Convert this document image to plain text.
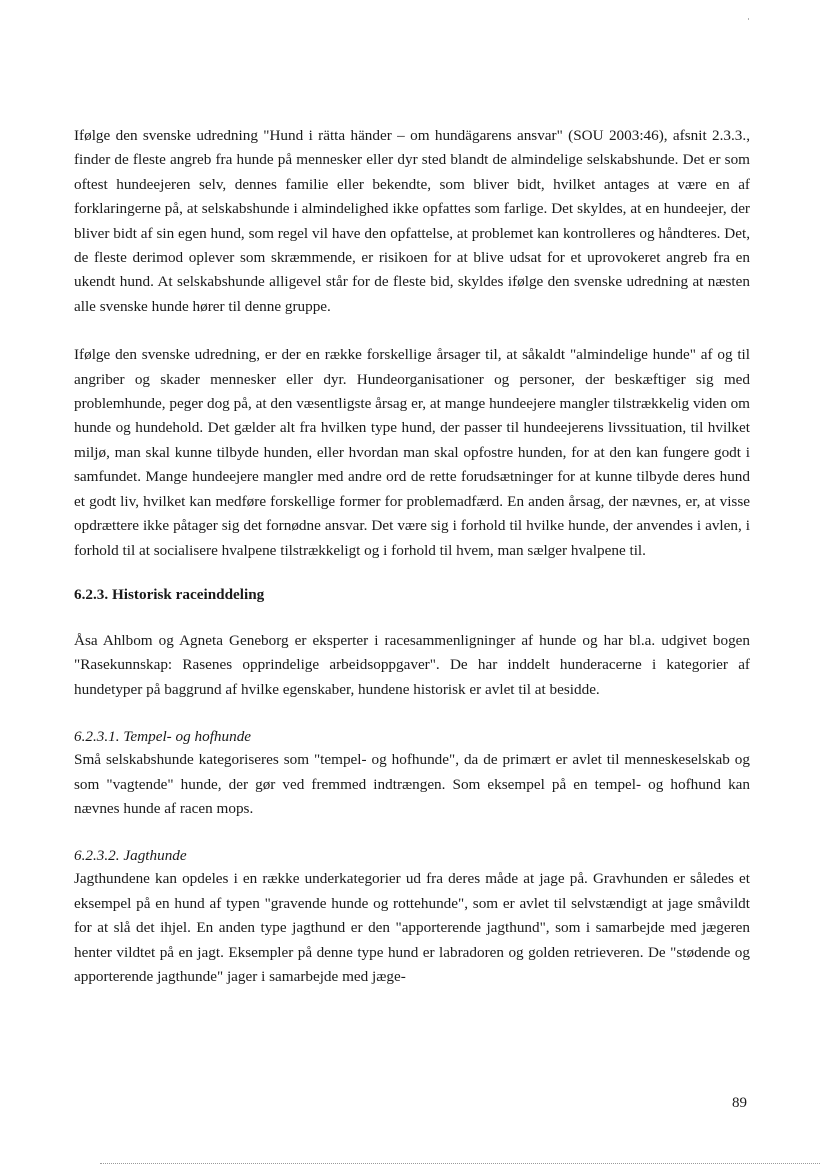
Ifølge den svenske udredning "Hund i rätta händer – om hundägarens ansvar" (SOU 2003:46), afsnit 2.3.3., finder de fleste angreb fra hunde på mennesker eller dyr sted blandt de almindelige selskabshunde. Det er som oftest hundeejeren selv, dennes familie eller bekendte, som bliver bidt, hvilket antages at være en af forklaringerne på, at selskabshunde i almindelighed ikke opfattes som farlige. Det skyldes, at en hundeejer, der bliver bidt af sin egen hund, som regel vil have den opfattelse, at problemet kan kontrolleres og håndteres. Det, de fleste derimod oplever som skræmmende, er risikoen for at blive udsat for et uprovokeret angreb fra en ukendt hund. At selskabshunde alligevel står for de fleste bid, skyldes ifølge den svenske udredning at næsten alle svenske hunde hører til denne gruppe.

Ifølge den svenske udredning, er der en række forskellige årsager til, at såkaldt "almindelige hunde" af og til angriber og skader mennesker eller dyr. Hundeorganisationer og personer, der beskæftiger sig med problemhunde, peger dog på, at den væsentligste årsag er, at mange hundeejere mangler tilstrækkelig viden om hunde og hundehold. Det gælder alt fra hvilken type hund, der passer til hundeejerens livssituation, til hvilket miljø, man skal kunne tilbyde hunden, eller hvordan man skal opfostre hunden, for at den kan fungere godt i samfundet. Mange hundeejere mangler med andre ord de rette forudsætninger for at kunne tilbyde deres hund et godt liv, hvilket kan medføre forskellige former for problemadfærd. En anden årsag, der nævnes, er, at visse opdrættere ikke påtager sig det fornødne ansvar. Det være sig i forhold til hvilke hunde, der anvendes i avlen, i forhold til at socialisere hvalpene tilstrækkeligt og i forhold til hvem, man sælger hvalpene til.

6.2.3. Historisk raceinddeling

Åsa Ahlbom og Agneta Geneborg er eksperter i racesammenligninger af hunde og har bl.a. udgivet bogen "Rasekunnskap: Rasenes opprindelige arbeidsoppgaver". De har inddelt hunderacerne i kategorier af hundetyper på baggrund af hvilke egenskaber, hundene historisk er avlet til at besidde.

6.2.3.1. Tempel- og hofhunde

Små selskabshunde kategoriseres som "tempel- og hofhunde", da de primært er avlet til menneskeselskab og som "vagtende" hunde, der gør ved fremmed indtrængen. Som eksempel på en tempel- og hofhund kan nævnes hunde af racen mops.

6.2.3.2. Jagthunde

Jagthundene kan opdeles i en række underkategorier ud fra deres måde at jage på. Gravhunden er således et eksempel på en hund af typen "gravende hunde og rottehunde", som er avlet til selvstændigt at jage småvildt for at slå det ihjel. En anden type jagthund er den "apporterende jagthund", som i samarbejde med jægeren henter vildtet på en jagt. Eksempler på denne type hund er labradoren og golden retrieveren. De "stødende og apporterende jagthunde" jager i samarbejde med jæge-

89
